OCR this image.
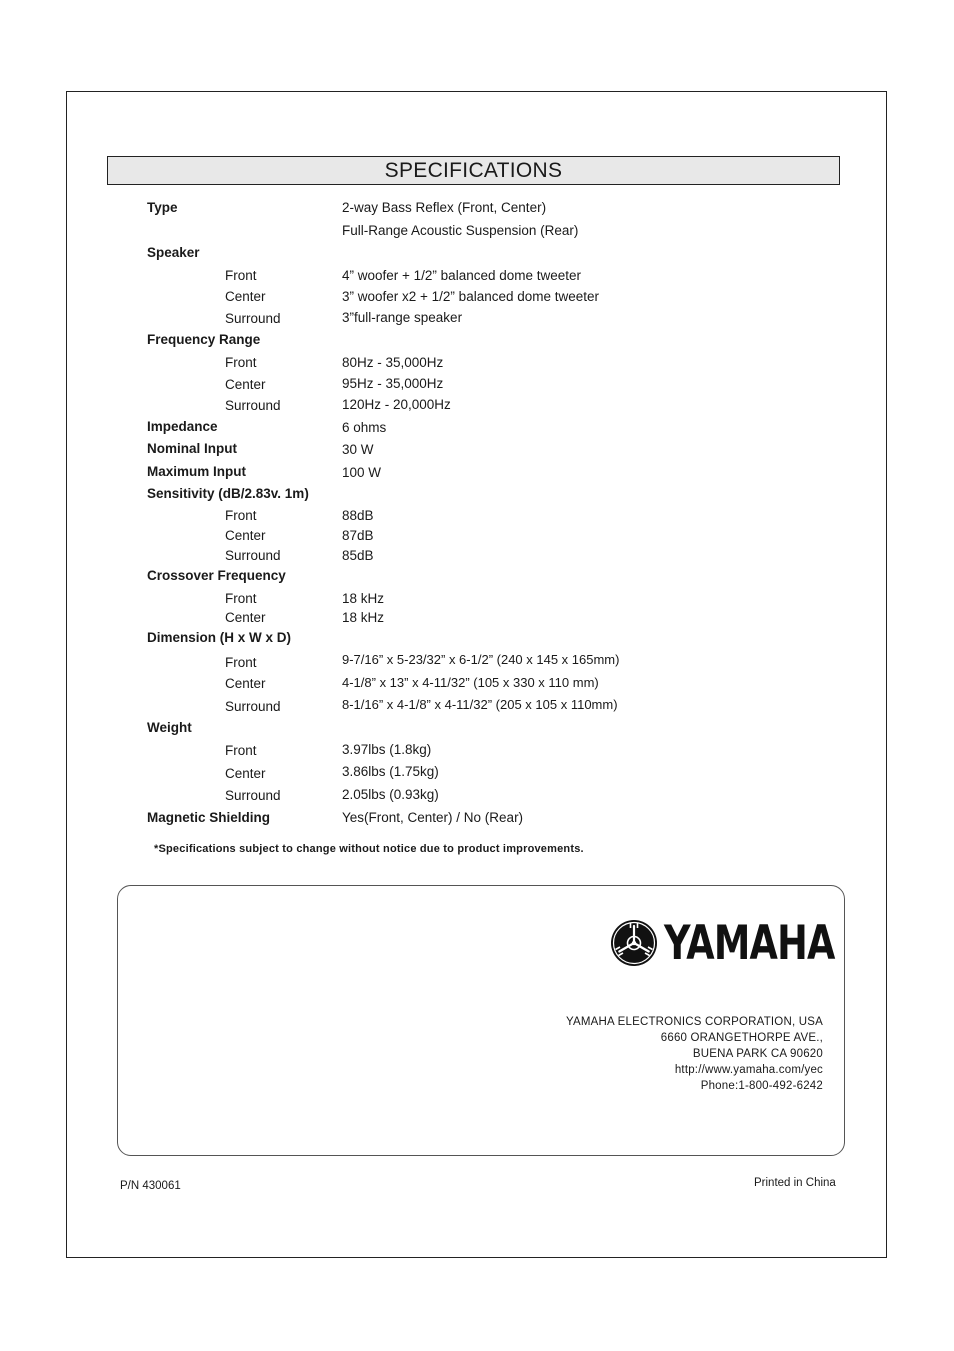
SPECIFICATIONS
Type	2-way Bass Reflex (Front, Center)
Full-Range Acoustic Suspension (Rear)
Speaker
Front	4” woofer + 1/2” balanced dome tweeter
Center	3” woofer x2 + 1/2” balanced dome tweeter
Surround	3”full-range speaker
Frequency Range
Front	80Hz - 35,000Hz
Center	95Hz - 35,000Hz
Surround	120Hz - 20,000Hz
Impedance	6 ohms
Nominal Input	30 W
Maximum Input	100 W
Sensitivity (dB/2.83v. 1m)
Front	88dB
Center	87dB
Surround	85dB
Crossover Frequency
Front	18 kHz
Center	18 kHz
Dimension (H x W x D)
Front	9-7/16” x 5-23/32” x 6-1/2” (240 x 145 x 165mm)
Center	4-1/8” x 13” x 4-11/32” (105 x 330 x 110 mm)
Surround	8-1/16” x 4-1/8” x 4-11/32” (205 x 105 x 110mm)
Weight
Front	3.97lbs (1.8kg)
Center	3.86lbs (1.75kg)
Surround	2.05lbs (0.93kg)
Magnetic Shielding	Yes(Front, Center) / No (Rear)
*Specifications subject to change without notice due to product improvements.
YAMAHA
YAMAHA ELECTRONICS CORPORATION, USA
6660 ORANGETHORPE AVE.,
BUENA PARK CA 90620
http://www.yamaha.com/yec
Phone:1-800-492-6242
P/N 430061	Printed in China
